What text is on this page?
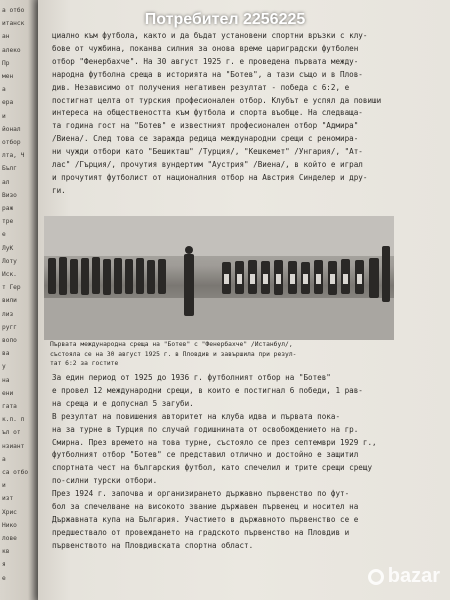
а отбо
итанск
ан
алеко
Пр
мен
а
ера
и
йонал
отбор
лта, Ч
Бълг
ал
Визо
раж
тре
е
ЛуК
Лоту
Иск.
т Гер
вили
лиз
ругг
вопо
ва
у
на
ени
гата
к.п. п
ъл от
нзиант
а
са отбо
и
изт
Хрис
Нико
лове
кв
я
е
циално към футбола, както и да бъдат установени спортни връзки с клу-
бове от чужбина, поканва силния за онова време цариградски футболен
отбор "Фенербахче". На 30 август 1925 г. е проведена първата между-
народна футболна среща в историята на "Ботев", а тази също и в Плов-
див. Независимо от получения негативен резултат - победа с 6:2, е
постигнат целта от турския професионален отбор. Клубът е успял да повиши
интереса на обществеността към футбола и спорта въобще. На следваща-
та година гост на "Ботев" е известният професионален отбор "Адмира"
/Виена/. След това се заражда редица международни срещи с реномира-
ни чужди отбори като "Бешикташ" /Турция/, "Кешкемет" /Унгария/, "Ат-
лас" /Гърция/, прочутия вундертим "Аустрия" /Виена/, в който е играл
и прочутият футболист от националния отбор на Австрия Синделер и дру-
ги.
Първата международна среща на "Ботев" с "Фенербахче" /Истанбул/,
състояла се на 30 август 1925 г. в Пловдив и завършила при резул-
тат 6:2 за гостите
За един период от 1925 до 1936 г. футболният отбор на "Ботев"
е провел 12 международни срещи, в които е постигнал 6 победи, 1 рав-
на среща и е допуснал 5 загуби.
В резултат на повишения авторитет на клуба идва и първата пока-
на за турне в Турция по случай годишнината от освобождението на гр.
Смирна. През времето на това турне, състояло се през септември 1929 г.,
футболният отбор "Ботев" се представил отлично и достойно е защитил
спортната чест на българския футбол, като спечелил и трите срещи срещу
по-силни турски отбори.
През 1924 г. започва и организирането държавно първенство по фут-
бол за спечелване на високото звание държавен първенец и носител на
Държавната купа на България. Участието в държавното първенство се е
предшествало от провеждането на градското първенство на Пловдив и
първенството на Пловдивската спортна област.
Потребител 2256225
bazar
